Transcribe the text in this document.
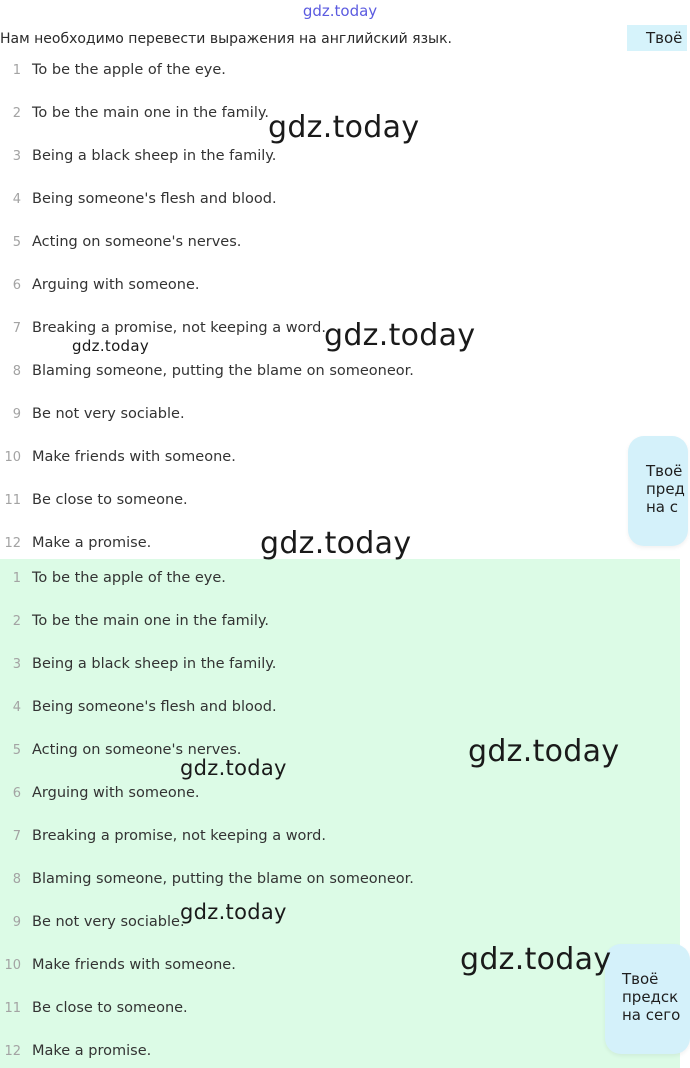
gdz.today
Нам необходимо перевести выражения на английский язык.	Твоё
1 To be the apple of the eye.
2 To be the main one in the family.
3 Being a black sheep in the family.
4 Being someone's flesh and blood.
5 Acting on someone's nerves.
6 Arguing with someone.
7 Breaking a promise, not keeping a word.
8 Blaming someone, putting the blame on someoneor.
9 Be not very sociable.
10 Make friends with someone.
11 Be close to someone.
12 Make a promise.
1 To be the apple of the eye.
2 To be the main one in the family.
3 Being a black sheep in the family.
4 Being someone's flesh and blood.
5 Acting on someone's nerves.
6 Arguing with someone.
7 Breaking a promise, not keeping a word.
8 Blaming someone, putting the blame on someoneor.
9 Be not very sociable.
10 Make friends with someone.
11 Be close to someone.
12 Make a promise.
Твоё
пред
на с
Твоё
предск
на сего
gdz.today
gdz.today
gdz.today
gdz.today
gdz.today
gdz.today
gdz.today
gdz.today
